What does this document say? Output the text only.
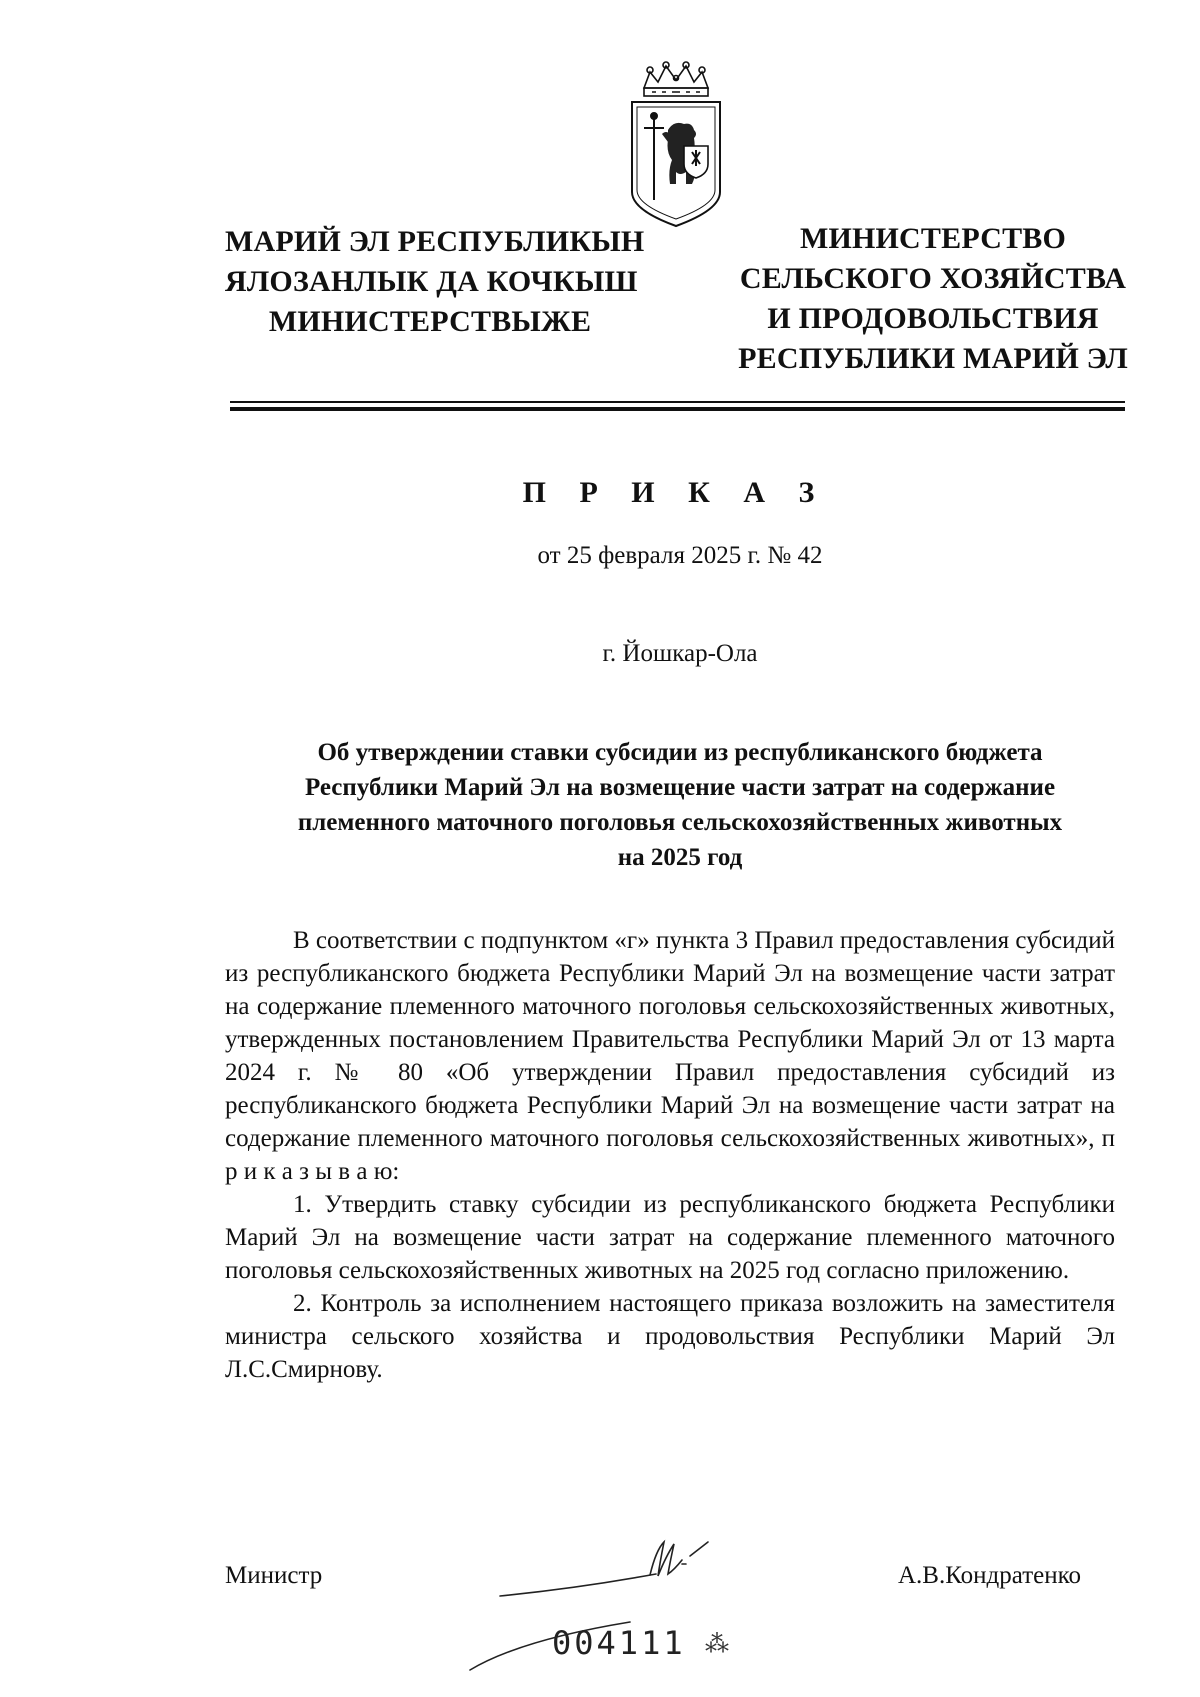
МАРИЙ ЭЛ РЕСПУБЛИКЫН
ЯЛОЗАНЛЫК ДА КОЧКЫШ
МИНИСТЕРСТВЫЖЕ
МИНИСТЕРСТВО
СЕЛЬСКОГО ХОЗЯЙСТВА
И ПРОДОВОЛЬСТВИЯ
РЕСПУБЛИКИ МАРИЙ ЭЛ
П Р И К А З
от 25 февраля 2025 г. № 42
г. Йошкар-Ола
Об утверждении ставки субсидии из республиканского бюджета
Республики Марий Эл на возмещение части затрат на содержание
племенного маточного поголовья сельскохозяйственных животных
на 2025 год

В соответствии с подпунктом «г» пункта 3 Правил предоставления субсидий из республиканского бюджета Республики Марий Эл на возмещение части затрат на содержание племенного маточного поголовья сельскохозяйственных животных, утвержденных постановлением Правительства Республики Марий Эл от 13 марта 2024 г. № 80 «Об утверждении Правил предоставления субсидий из республиканского бюджета Республики Марий Эл на возмещение части затрат на содержание племенного маточного поголовья сельскохозяйственных животных», п р и к а з ы в а ю:

1. Утвердить ставку субсидии из республиканского бюджета Республики Марий Эл на возмещение части затрат на содержание племенного маточного поголовья сельскохозяйственных животных на 2025 год согласно приложению.

2. Контроль за исполнением настоящего приказа возложить на заместителя министра сельского хозяйства и продовольствия Республики Марий Эл Л.С.Смирнову.

Министр	А.В.Кондратенко
004111 ⁂
